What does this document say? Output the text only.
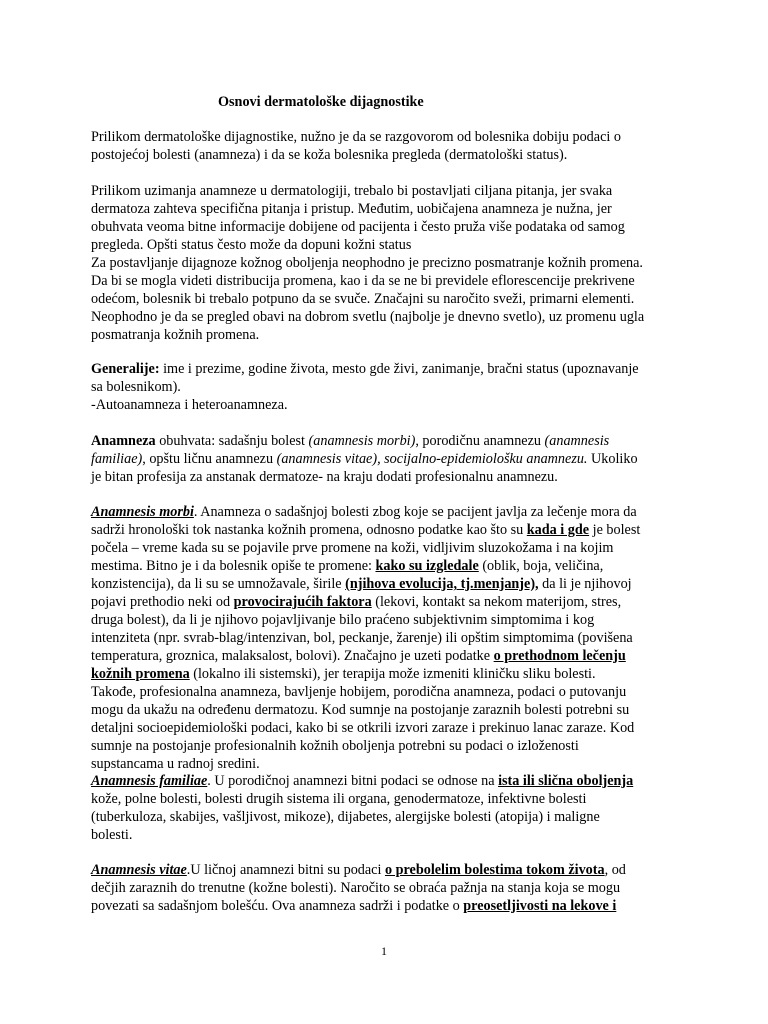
Osnovi dermatološke dijagnostike
Prilikom dermatološke dijagnostike, nužno je da se razgovorom od bolesnika dobiju podaci o
postojećoj bolesti (anamneza) i da se koža bolesnika pregleda (dermatološki status).
Prilikom uzimanja anamneze u dermatologiji, trebalo bi postavljati ciljana pitanja, jer svaka
dermatoza zahteva specifična pitanja i pristup. Međutim, uobičajena anamneza je nužna, jer
obuhvata veoma bitne informacije dobijene od pacijenta i često pruža više podataka od samog
pregleda. Opšti status često može da dopuni kožni status
Za postavljanje dijagnoze kožnog oboljenja neophodno je precizno posmatranje kožnih promena.
Da bi se mogla videti distribucija promena, kao i da se ne bi previdele eflorescencije prekrivene
odećom, bolesnik bi trebalo potpuno da se svuče. Značajni su naročito sveži, primarni elementi.
Neophodno je da se pregled obavi na dobrom svetlu (najbolje je dnevno svetlo), uz promenu ugla
posmatranja kožnih promena.
Generalije: ime i prezime, godine života, mesto gde živi, zanimanje, bračni status (upoznavanje
sa bolesnikom).
-Autoanamneza i heteroanamneza.
Anamneza obuhvata: sadašnju bolest (anamnesis morbi), porodičnu anamnezu (anamnesis
familiae), opštu ličnu anamnezu (anamnesis vitae), socijalno-epidemiološku anamnezu. Ukoliko
je bitan profesija za anstanak dermatoze- na kraju dodati profesionalnu anamnezu.
Anamnesis morbi. Anamneza o sadašnjoj bolesti zbog koje se pacijent javlja za lečenje mora da
sadrži hronološki tok nastanka kožnih promena, odnosno podatke kao što su kada i gde je bolest
počela – vreme kada su se pojavile prve promene na koži, vidljivim sluzokožama i na kojim
mestima. Bitno je i da bolesnik opiše te promene: kako su izgledale (oblik, boja, veličina,
konzistencija), da li su se umnožavale, širile (njihova evolucija, tj.menjanje), da li je njihovoj
pojavi prethodio neki od provocirajućih faktora (lekovi, kontakt sa nekom materijom, stres,
druga bolest), da li je njihovo pojavljivanje bilo praćeno subjektivnim simptomima i kog
intenziteta (npr. svrab-blag/intenzivan, bol, peckanje, žarenje) ili opštim simptomima (povišena
temperatura, groznica, malaksalost, bolovi). Značajno je uzeti podatke o prethodnom lečenju
kožnih promena (lokalno ili sistemski), jer terapija može izmeniti kliničku sliku bolesti.
Takođe, profesionalna anamneza, bavljenje hobijem, porodična anamneza, podaci o putovanju
mogu da ukažu na određenu dermatozu. Kod sumnje na postojanje zaraznih bolesti potrebni su
detaljni socioepidemiološki podaci, kako bi se otkrili izvori zaraze i prekinuo lanac zaraze. Kod
sumnje na postojanje profesionalnih kožnih oboljenja potrebni su podaci o izloženosti
supstancama u radnoj sredini.
Anamnesis familiae. U porodičnoj anamnezi bitni podaci se odnose na ista ili slična oboljenja
kože, polne bolesti, bolesti drugih sistema ili organa, genodermatoze, infektivne bolesti
(tuberkuloza, skabijes, vašljivost, mikoze), dijabetes, alergijske bolesti (atopija) i maligne
bolesti.
Anamnesis vitae.U ličnoj anamnezi bitni su podaci o prebolelim bolestima tokom života, od
dečjih zaraznih do trenutne (kožne bolesti). Naročito se obraća pažnja na stanja koja se mogu
povezati sa sadašnjom bolešću. Ova anamneza sadrži i podatke o preosetljivosti na lekove i
1
